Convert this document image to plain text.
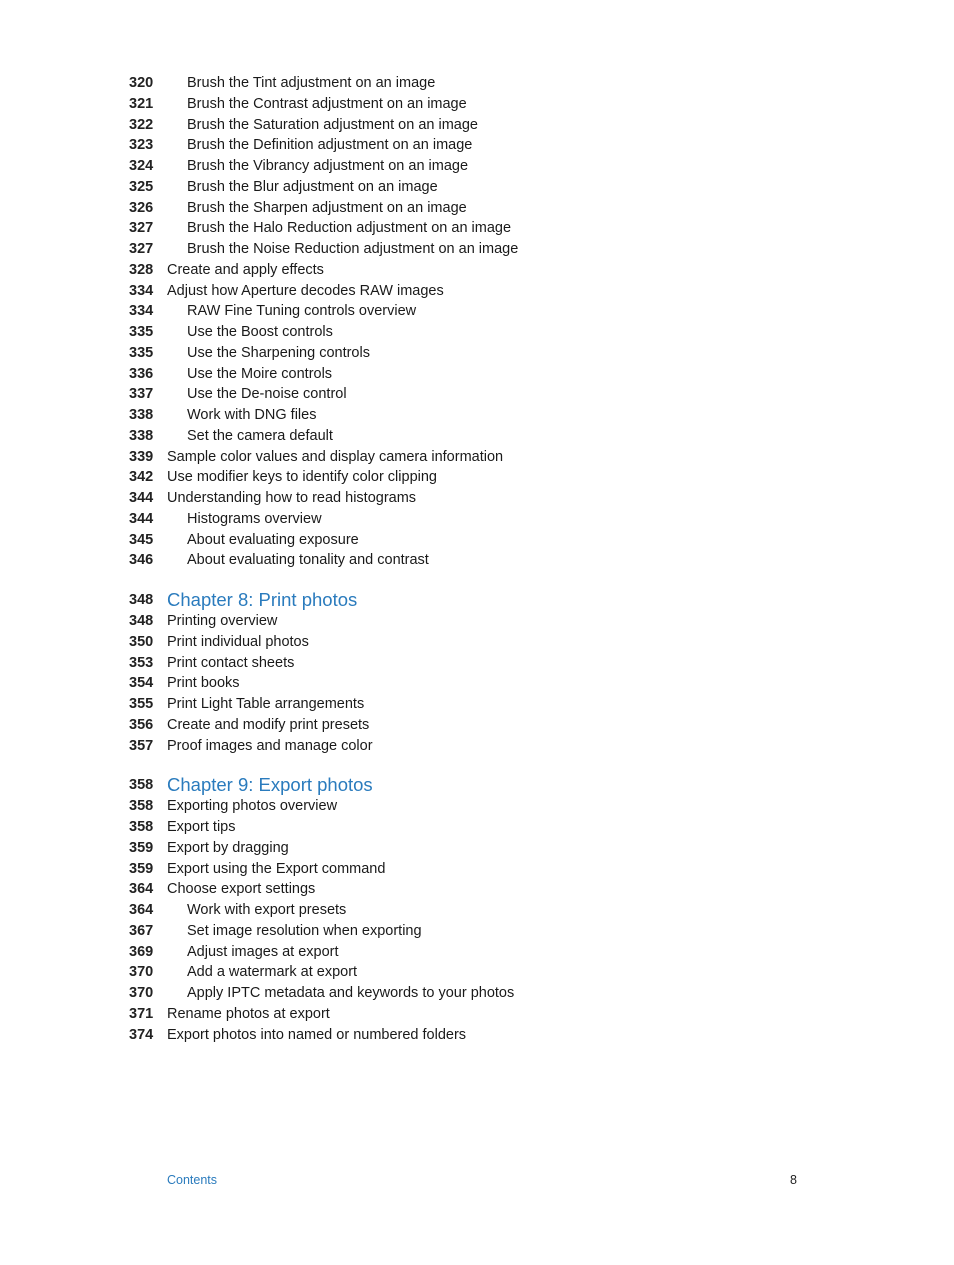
320	Brush the Tint adjustment on an image
321	Brush the Contrast adjustment on an image
322	Brush the Saturation adjustment on an image
323	Brush the Definition adjustment on an image
324	Brush the Vibrancy adjustment on an image
325	Brush the Blur adjustment on an image
326	Brush the Sharpen adjustment on an image
327	Brush the Halo Reduction adjustment on an image
327	Brush the Noise Reduction adjustment on an image
328 Create and apply effects
334 Adjust how Aperture decodes RAW images
334	RAW Fine Tuning controls overview
335	Use the Boost controls
335	Use the Sharpening controls
336	Use the Moire controls
337	Use the De-noise control
338	Work with DNG files
338	Set the camera default
339 Sample color values and display camera information
342 Use modifier keys to identify color clipping
344 Understanding how to read histograms
344	Histograms overview
345	About evaluating exposure
346	About evaluating tonality and contrast
348 Chapter 8: Print photos
348 Printing overview
350 Print individual photos
353 Print contact sheets
354 Print books
355 Print Light Table arrangements
356 Create and modify print presets
357 Proof images and manage color
358 Chapter 9: Export photos
358 Exporting photos overview
358 Export tips
359 Export by dragging
359 Export using the Export command
364 Choose export settings
364	Work with export presets
367	Set image resolution when exporting
369	Adjust images at export
370	Add a watermark at export
370	Apply IPTC metadata and keywords to your photos
371 Rename photos at export
374 Export photos into named or numbered folders
Contents	8
